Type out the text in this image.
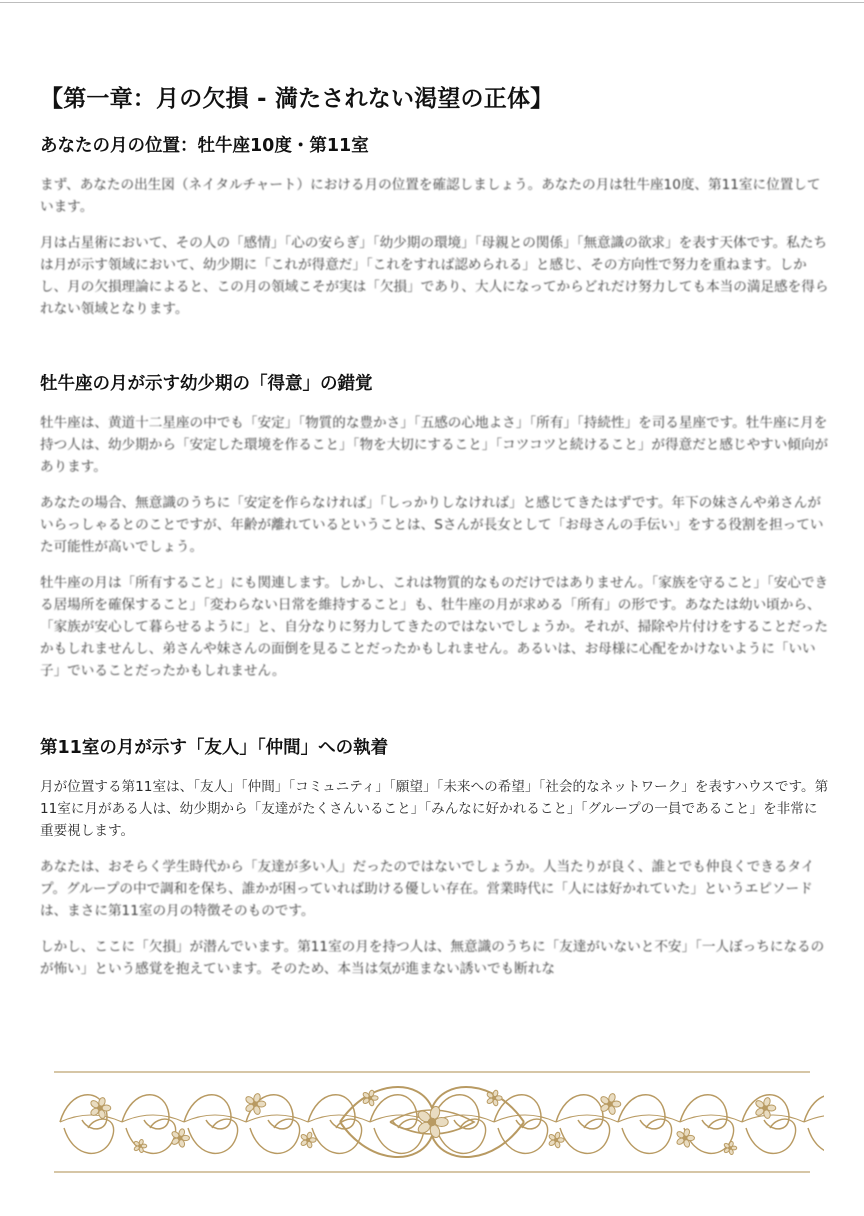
【第一章：月の欠損 - 満たされない渇望の正体】
あなたの月の位置：牡牛座10度・第11室

まず、あなたの出生図（ネイタルチャート）における月の位置を確認しましょう。あなたの月は牡牛座10度、第11室に位置しています。

月は占星術において、その人の「感情」「心の安らぎ」「幼少期の環境」「母親との関係」「無意識の欲求」を表す天体です。私たちは月が示す領域において、幼少期に「これが得意だ」「これをすれば認められる」と感じ、その方向性で努力を重ねます。しかし、月の欠損理論によると、この月の領域こそが実は「欠損」であり、大人になってからどれだけ努力しても本当の満足感を得られない領域となります。

牡牛座の月が示す幼少期の「得意」の錯覚

牡牛座は、黄道十二星座の中でも「安定」「物質的な豊かさ」「五感の心地よさ」「所有」「持続性」を司る星座です。牡牛座に月を持つ人は、幼少期から「安定した環境を作ること」「物を大切にすること」「コツコツと続けること」が得意だと感じやすい傾向があります。

あなたの場合、無意識のうちに「安定を作らなければ」「しっかりしなければ」と感じてきたはずです。年下の妹さんや弟さんがいらっしゃるとのことですが、年齢が離れているということは、Sさんが長女として「お母さんの手伝い」をする役割を担っていた可能性が高いでしょう。

牡牛座の月は「所有すること」にも関連します。しかし、これは物質的なものだけではありません。「家族を守ること」「安心できる居場所を確保すること」「変わらない日常を維持すること」も、牡牛座の月が求める「所有」の形です。あなたは幼い頃から、「家族が安心して暮らせるように」と、自分なりに努力してきたのではないでしょうか。それが、掃除や片付けをすることだったかもしれませんし、弟さんや妹さんの面倒を見ることだったかもしれません。あるいは、お母様に心配をかけないように「いい子」でいることだったかもしれません。

第11室の月が示す「友人」「仲間」への執着

月が位置する第11室は、「友人」「仲間」「コミュニティ」「願望」「未来への希望」「社会的なネットワーク」を表すハウスです。第11室に月がある人は、幼少期から「友達がたくさんいること」「みんなに好かれること」「グループの一員であること」を非常に重要視します。

あなたは、おそらく学生時代から「友達が多い人」だったのではないでしょうか。人当たりが良く、誰とでも仲良くできるタイプ。グループの中で調和を保ち、誰かが困っていれば助ける優しい存在。営業時代に「人には好かれていた」というエピソードは、まさに第11室の月の特徴そのものです。

しかし、ここに「欠損」が潜んでいます。第11室の月を持つ人は、無意識のうちに「友達がいないと不安」「一人ぼっちになるのが怖い」という感覚を抱えています。そのため、本当は気が進まない誘いでも断れな
